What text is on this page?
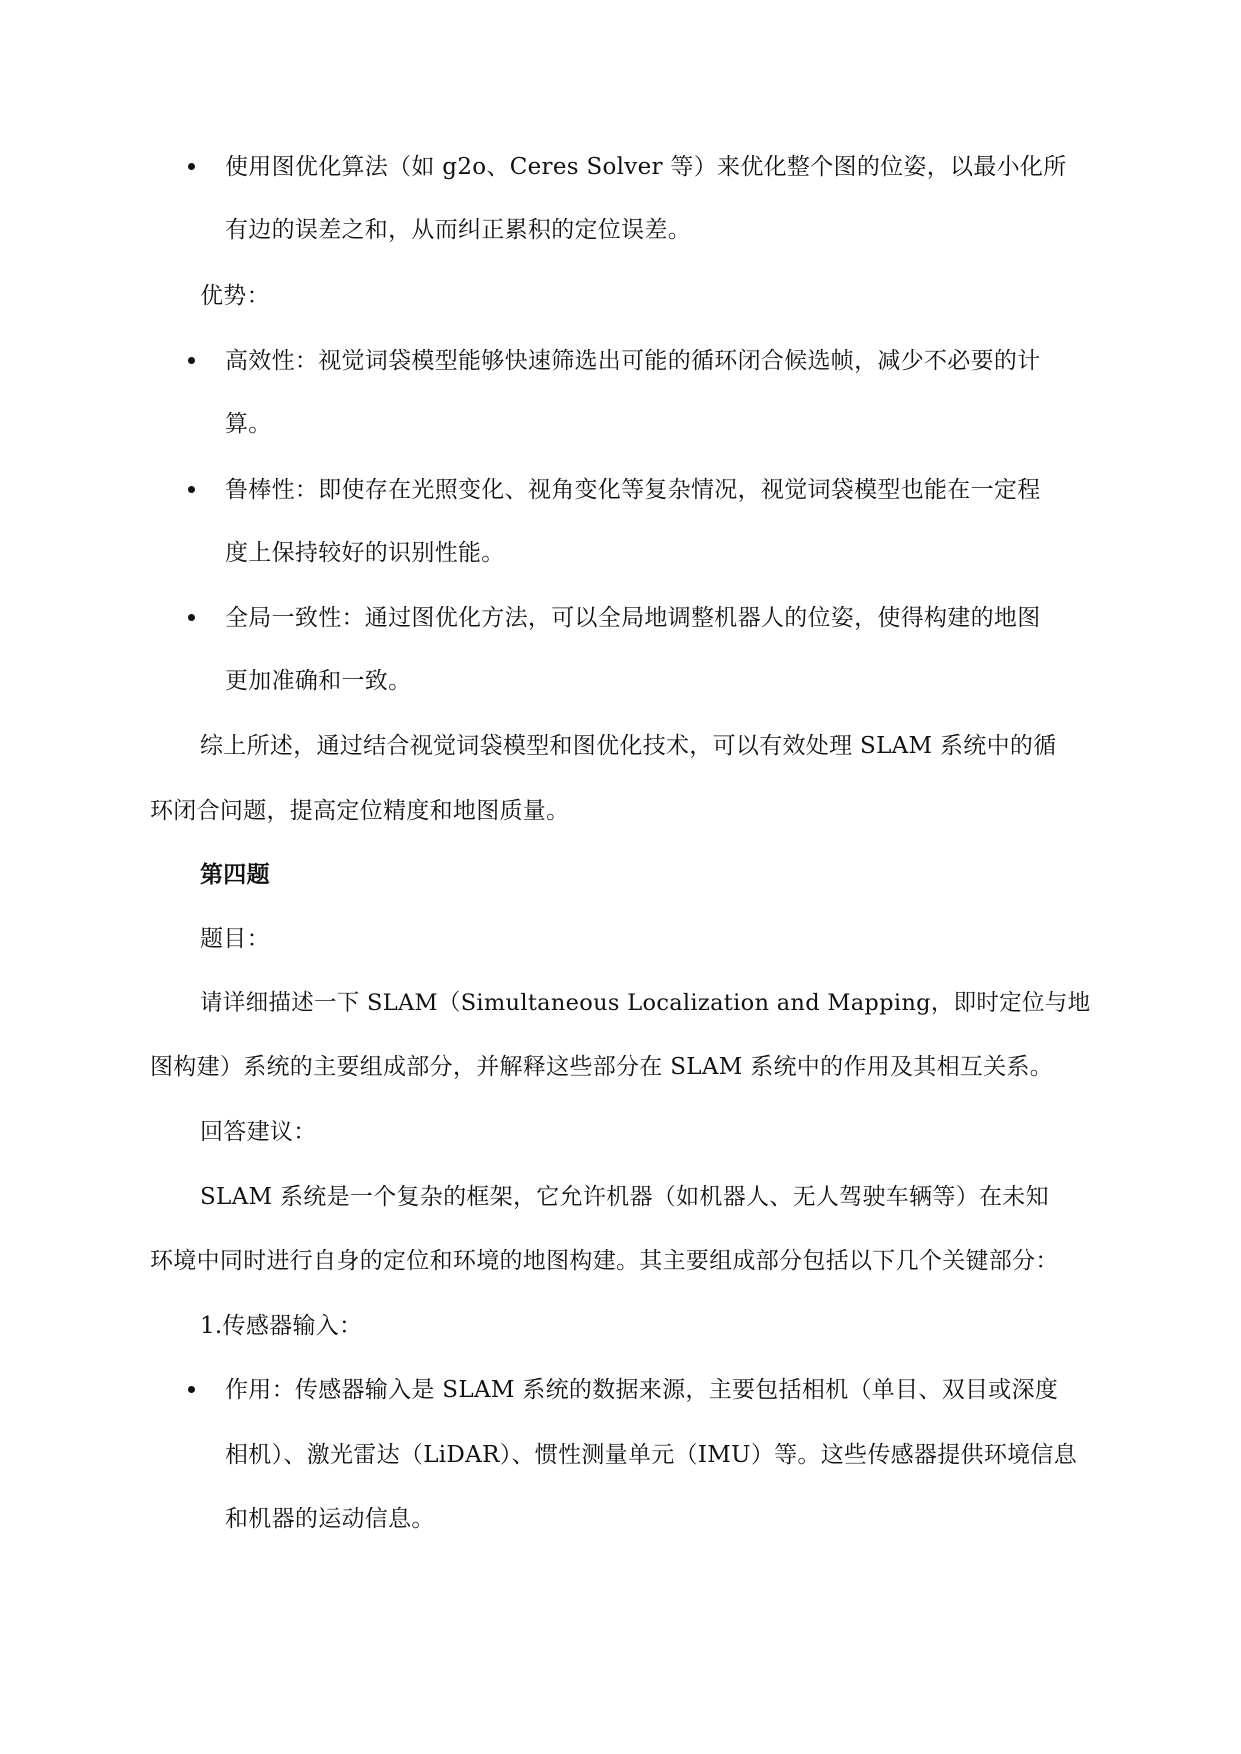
使用图优化算法（如 g2o、Ceres Solver 等）来优化整个图的位姿，以最小化所
有边的误差之和，从而纠正累积的定位误差。
优势：
高效性：视觉词袋模型能够快速筛选出可能的循环闭合候选帧，减少不必要的计
算。
鲁棒性：即使存在光照变化、视角变化等复杂情况，视觉词袋模型也能在一定程
度上保持较好的识别性能。
全局一致性：通过图优化方法，可以全局地调整机器人的位姿，使得构建的地图
更加准确和一致。
综上所述，通过结合视觉词袋模型和图优化技术，可以有效处理 SLAM 系统中的循
环闭合问题，提高定位精度和地图质量。
第四题
题目：
请详细描述一下 SLAM（Simultaneous Localization and Mapping，即时定位与地
图构建）系统的主要组成部分，并解释这些部分在 SLAM 系统中的作用及其相互关系。
回答建议：
SLAM 系统是一个复杂的框架，它允许机器（如机器人、无人驾驶车辆等）在未知
环境中同时进行自身的定位和环境的地图构建。其主要组成部分包括以下几个关键部分：
1.传感器输入：
作用：传感器输入是 SLAM 系统的数据来源，主要包括相机（单目、双目或深度
相机）、激光雷达（LiDAR）、惯性测量单元（IMU）等。这些传感器提供环境信息
和机器的运动信息。
